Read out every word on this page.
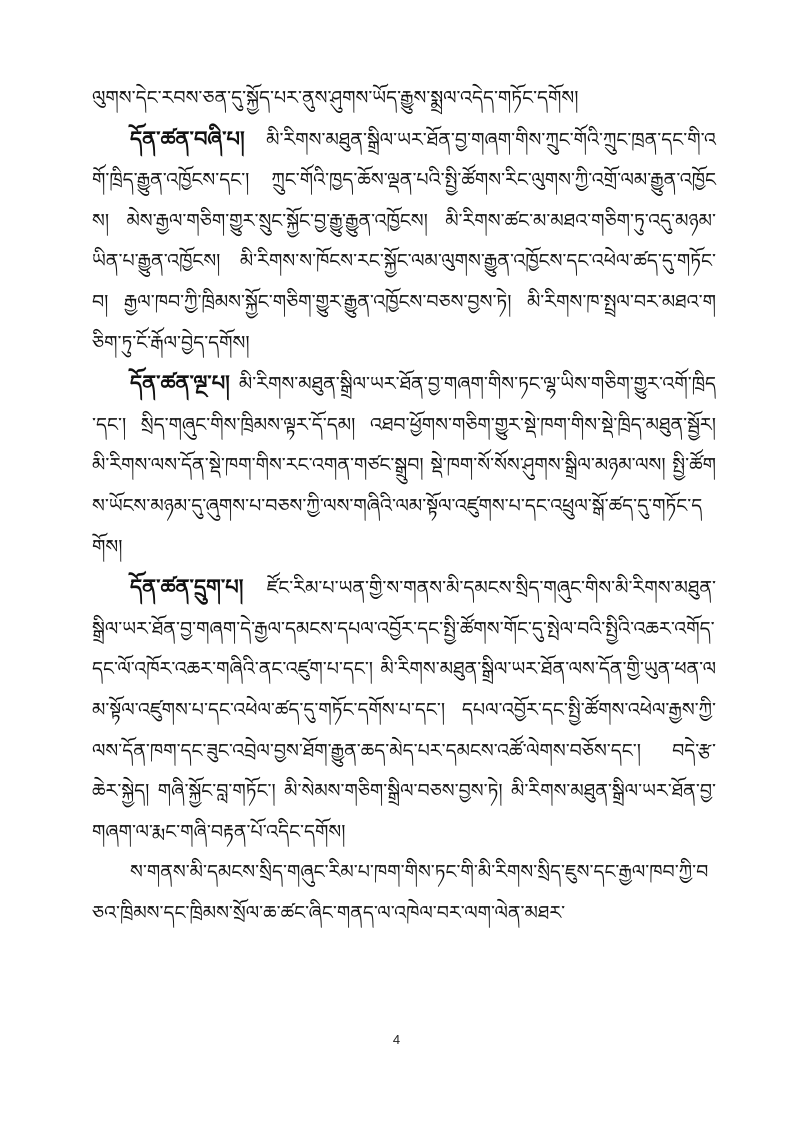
ལུགས་དེང་རབས་ཅན་དུ་སྐྱོད་པར་ནུས་ཤུགས་ཡོད་རྒྱུས་སྨྲལ་འདེད་གཏོང་དགོས།

དོན་ཚན་བཞི་པ། མི་རིགས་མཐུན་སྒྲིལ་ཡར་ཐོན་བྱ་གཞག་གིས་ཀྲུང་གོའི་ཀྲུང་ཁྲན་དང་གི་འགོ་ཁྲིད་རྒྱུན་འཁྱོངས་དང་། ཀྲུང་གོའི་ཁྱད་ཆོས་ལྡན་པའི་སྤྱི་ཚོགས་རིང་ལུགས་ཀྱི་འགྲོ་ལམ་རྒྱུན་འཁྱོངས། མེས་རྒྱལ་གཅིག་གྱུར་སྲུང་སྐྱོང་བྱ་རྒྱུ་རྒྱུན་འཁྱོངས། མི་རིགས་ཚང་མ་མཐའ་གཅིག་ཏུ་འདུ་མཉམ་ཡིན་པ་རྒྱུན་འཁྱོངས། མི་རིགས་ས་ཁོངས་རང་སྐྱོང་ལམ་ལུགས་རྒྱུན་འཁྱོངས་དང་འཕེལ་ཚད་དུ་གཏོང་བ། རྒྱལ་ཁབ་ཀྱི་ཁྲིམས་སྐྱོང་གཅིག་གྱུར་རྒྱུན་འཁྱོངས་བཅས་བྱས་ཏེ། མི་རིགས་ཁ་སྤྲལ་བར་མཐའ་གཅིག་ཏུ་ངོ་རྒོལ་བྱེད་དགོས།

དོན་ཚན་ལྔ་པ། མི་རིགས་མཐུན་སྒྲིལ་ཡར་ཐོན་བྱ་གཞག་གིས་ཏང་ལྷ་ཡིས་གཅིག་གྱུར་འགོ་ཁྲིད་དང་། སྲིད་གཞུང་གིས་ཁྲིམས་ལྟར་དོ་དམ། འཐབ་ཕྱོགས་གཅིག་གྱུར་སྡེ་ཁག་གིས་སྡེ་ཁྲིད་མཐུན་སྦྱོར། མི་རིགས་ལས་དོན་སྡེ་ཁག་གིས་རང་འགན་གཙང་སྒྲུབ། སྡེ་ཁག་སོ་སོས་ཤུགས་སྒྲིལ་མཉམ་ལས། སྤྱི་ཚོགས་ཡོངས་མཉམ་དུ་ཞུགས་པ་བཅས་ཀྱི་ལས་གཞིའི་ལམ་སྟོལ་འཛུགས་པ་དང་འཕྲུལ་སྒོ་ཚད་དུ་གཏོང་དགོས།

དོན་ཚན་དྲུག་པ། ཛོང་རིམ་པ་ཡན་གྱི་ས་གནས་མི་དམངས་སྲིད་གཞུང་གིས་མི་རིགས་མཐུན་སྒྲིལ་ཡར་ཐོན་བྱ་གཞག་དེ་རྒྱལ་དམངས་དཔལ་འབྱོར་དང་སྤྱི་ཚོགས་གོང་དུ་སྤེལ་བའི་སྤྱིའི་འཆར་འགོད་དང་ལོ་འཁོར་འཆར་གཞིའི་ནང་འཛུག་པ་དང་། མི་རིགས་མཐུན་སྒྲིལ་ཡར་ཐོན་ལས་དོན་གྱི་ཡུན་ཕན་ལམ་སྟོལ་འཛུགས་པ་དང་འཕེལ་ཚད་དུ་གཏོང་དགོས་པ་དང་། དཔལ་འབྱོར་དང་སྤྱི་ཚོགས་འཕེལ་རྒྱས་ཀྱི་ལས་དོན་ཁག་དང་ཟུང་འབྲེལ་བྱས་ཐོག་རྒྱུན་ཆད་མེད་པར་དམངས་འཚོ་ལེགས་བཅོས་དང་། བདེ་རྩ་ཆེར་སྐྱེད། གཞི་སྐྱོང་བླ་གཏོང་། མི་སེམས་གཅིག་སྒྲིལ་བཅས་བྱས་ཏེ། མི་རིགས་མཐུན་སྒྲིལ་ཡར་ཐོན་བྱ་གཞག་ལ་རྨང་གཞི་བརྟན་པོ་འདིང་དགོས།

ས་གནས་མི་དམངས་སྲིད་གཞུང་རིམ་པ་ཁག་གིས་ཏང་གི་མི་རིགས་སྲིད་ཇུས་དང་རྒྱལ་ཁབ་ཀྱི་བཅའ་ཁྲིམས་དང་ཁྲིམས་སྲོལ་ཆ་ཚང་ཞིང་གནད་ལ་འཁེལ་བར་ལག་ལེན་མཐར་

4
